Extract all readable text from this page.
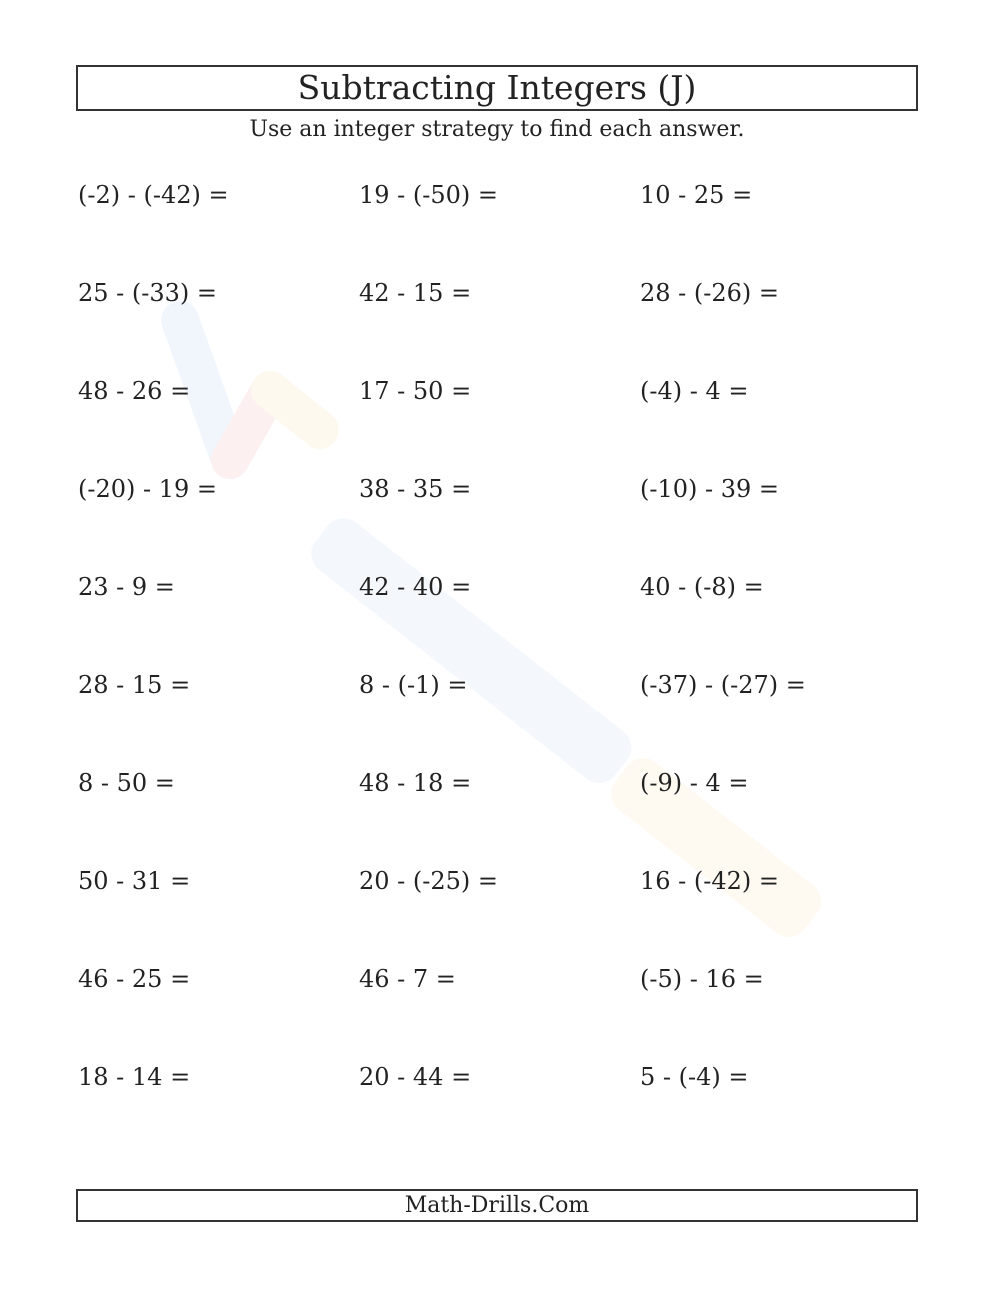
Subtracting Integers (J)
Use an integer strategy to find each answer.
(-2) - (-42) =	19 - (-50) =	10 - 25 =
25 - (-33) =	42 - 15 =	28 - (-26) =
48 - 26 =	17 - 50 =	(-4) - 4 =
(-20) - 19 =	38 - 35 =	(-10) - 39 =
23 - 9 =	42 - 40 =	40 - (-8) =
28 - 15 =	8 - (-1) =	(-37) - (-27) =
8 - 50 =	48 - 18 =	(-9) - 4 =
50 - 31 =	20 - (-25) =	16 - (-42) =
46 - 25 =	46 - 7 =	(-5) - 16 =
18 - 14 =	20 - 44 =	5 - (-4) =
Math-Drills.Com
